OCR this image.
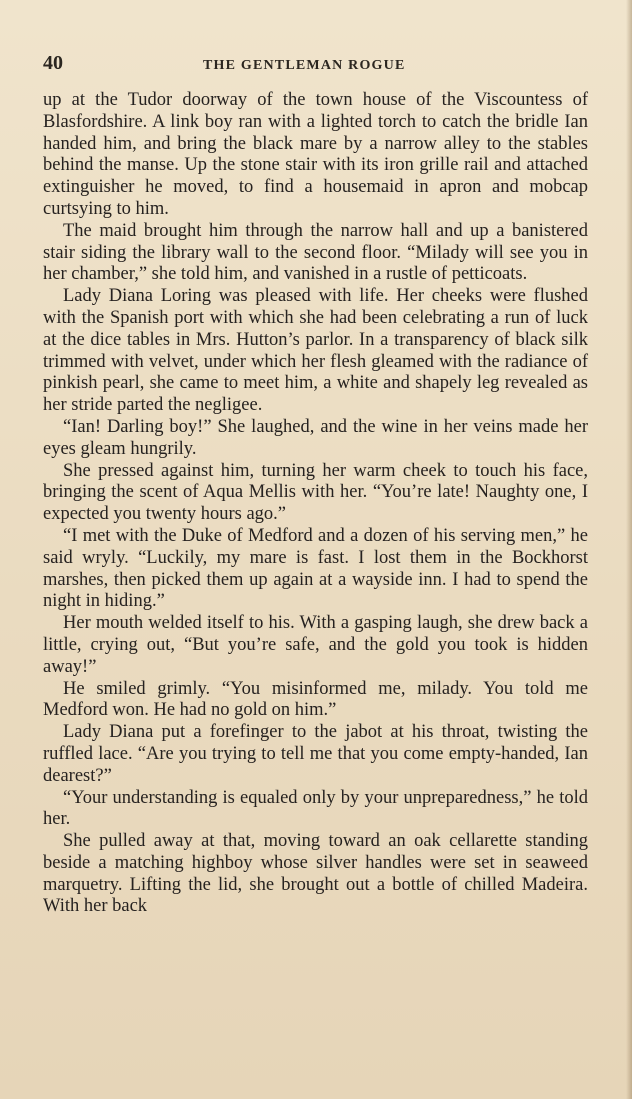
40	THE GENTLEMAN ROGUE

up at the Tudor doorway of the town house of the Viscountess of Blasfordshire. A link boy ran with a lighted torch to catch the bridle Ian handed him, and bring the black mare by a narrow alley to the stables behind the manse. Up the stone stair with its iron grille rail and attached extinguisher he moved, to find a housemaid in apron and mobcap curtsying to him.

The maid brought him through the narrow hall and up a banistered stair siding the library wall to the second floor. “Milady will see you in her chamber,” she told him, and vanished in a rustle of petticoats.

Lady Diana Loring was pleased with life. Her cheeks were flushed with the Spanish port with which she had been celebrating a run of luck at the dice tables in Mrs. Hutton’s parlor. In a transparency of black silk trimmed with velvet, under which her flesh gleamed with the radiance of pinkish pearl, she came to meet him, a white and shapely leg revealed as her stride parted the negligee.

“Ian! Darling boy!” She laughed, and the wine in her veins made her eyes gleam hungrily.

She pressed against him, turning her warm cheek to touch his face, bringing the scent of Aqua Mellis with her. “You’re late! Naughty one, I expected you twenty hours ago.”

“I met with the Duke of Medford and a dozen of his serving men,” he said wryly. “Luckily, my mare is fast. I lost them in the Bockhorst marshes, then picked them up again at a wayside inn. I had to spend the night in hiding.”

Her mouth welded itself to his. With a gasping laugh, she drew back a little, crying out, “But you’re safe, and the gold you took is hidden away!”

He smiled grimly. “You misinformed me, milady. You told me Medford won. He had no gold on him.”

Lady Diana put a forefinger to the jabot at his throat, twisting the ruffled lace. “Are you trying to tell me that you come empty-handed, Ian dearest?”

“Your understanding is equaled only by your unpreparedness,” he told her.

She pulled away at that, moving toward an oak cellarette standing beside a matching highboy whose silver handles were set in seaweed marquetry. Lifting the lid, she brought out a bottle of chilled Madeira. With her back
